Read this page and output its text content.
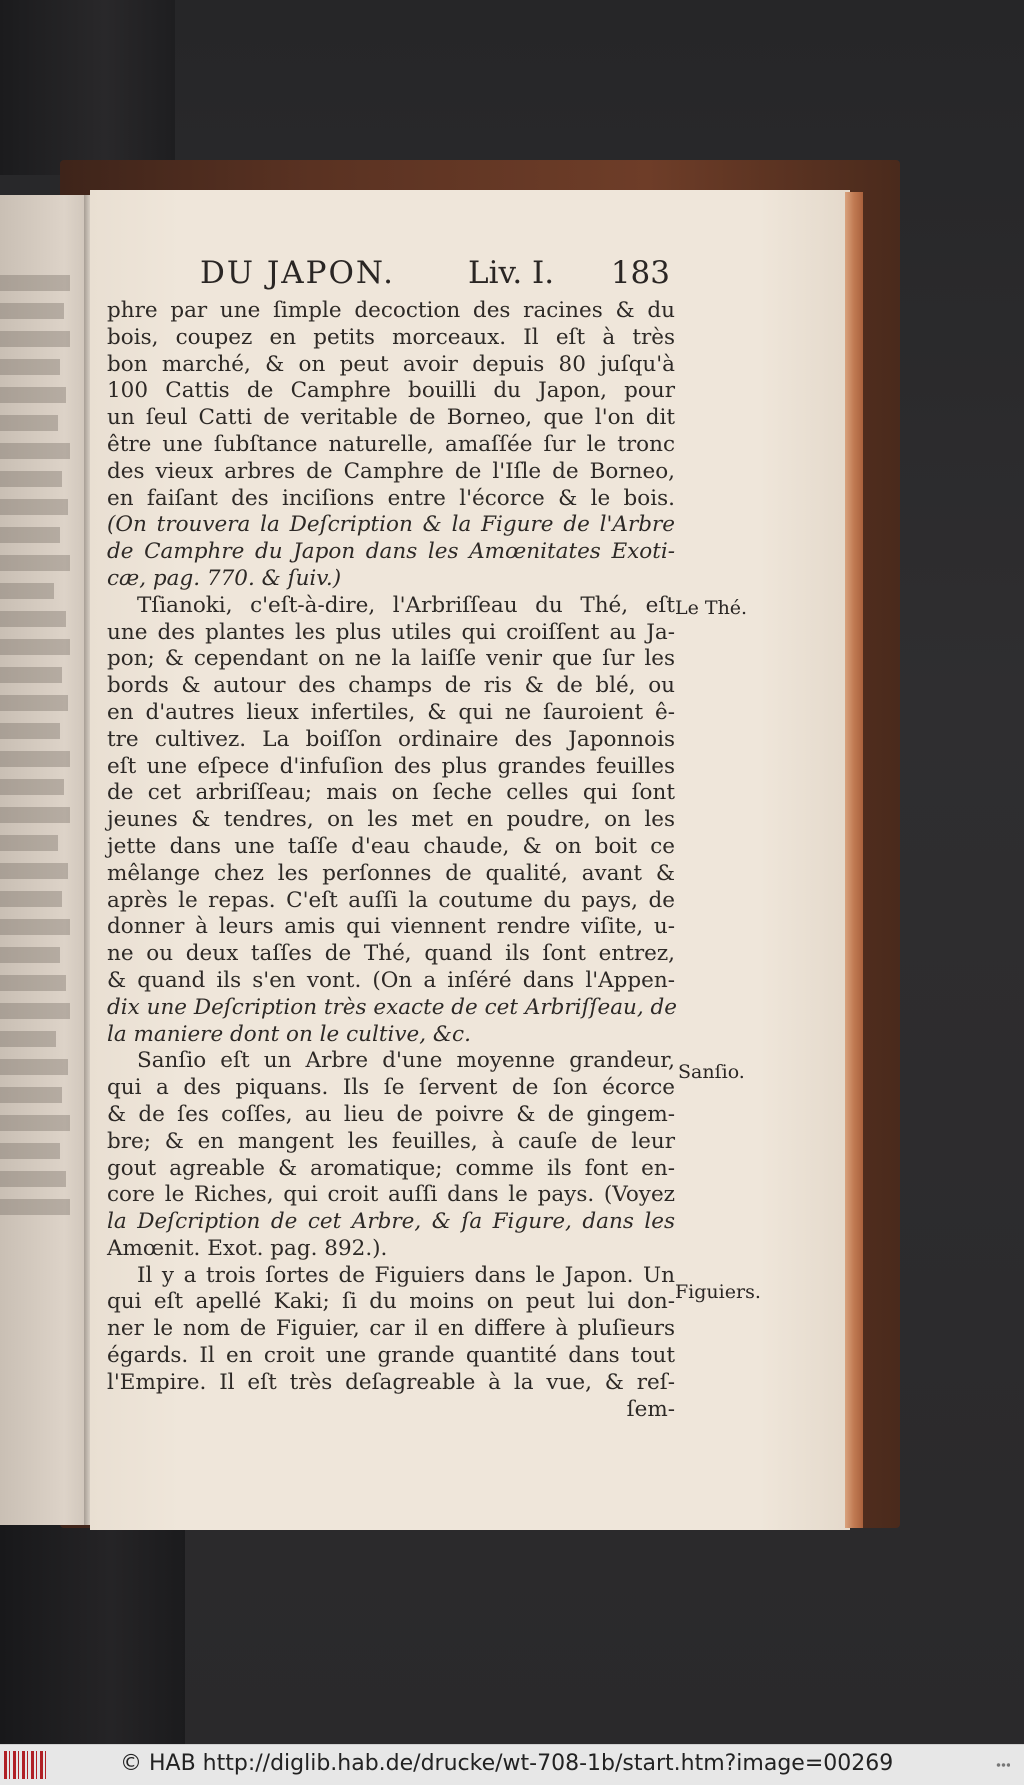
DU JAPON. Liv. I. 183
phre par une ſimple decoction des racines & du
bois, coupez en petits morceaux. Il eſt à très
bon marché, & on peut avoir depuis 80 juſqu'à
100 Cattis de Camphre bouilli du Japon, pour
un ſeul Catti de veritable de Borneo, que l'on dit
être une ſubſtance naturelle, amaſſée ſur le tronc
des vieux arbres de Camphre de l'Iſle de Borneo,
en faiſant des inciſions entre l'écorce & le bois.
(On trouvera la Deſcription & la Figure de l'Arbre
de Camphre du Japon dans les Amœnitates Exoti-
cæ, pag. 770. & ſuiv.)
Tſianoki, c'eſt-à-dire, l'Arbriſſeau du Thé, eſt
une des plantes les plus utiles qui croiſſent au Ja-
pon; & cependant on ne la laiſſe venir que ſur les
bords & autour des champs de ris & de blé, ou
en d'autres lieux infertiles, & qui ne ſauroient ê-
tre cultivez. La boiſſon ordinaire des Japonnois
eſt une eſpece d'infuſion des plus grandes feuilles
de cet arbriſſeau; mais on ſeche celles qui ſont
jeunes & tendres, on les met en poudre, on les
jette dans une taſſe d'eau chaude, & on boit ce
mêlange chez les perſonnes de qualité, avant &
après le repas. C'eſt auſſi la coutume du pays, de
donner à leurs amis qui viennent rendre viſite, u-
ne ou deux taſſes de Thé, quand ils ſont entrez,
& quand ils s'en vont. (On a inſéré dans l'Appen-
dix une Deſcription très exacte de cet Arbriſſeau, de
la maniere dont on le cultive, &c.
Sanſio eſt un Arbre d'une moyenne grandeur,
qui a des piquans. Ils ſe ſervent de ſon écorce
& de ſes coſſes, au lieu de poivre & de gingem-
bre; & en mangent les feuilles, à cauſe de leur
gout agreable & aromatique; comme ils font en-
core le Riches, qui croit auſſi dans le pays. (Voyez
la Deſcription de cet Arbre, & ſa Figure, dans les
Amœnit. Exot. pag. 892.).
Il y a trois ſortes de Figuiers dans le Japon. Un
qui eſt apellé Kaki; ſi du moins on peut lui don-
ner le nom de Figuier, car il en differe à pluſieurs
égards. Il en croit une grande quantité dans tout
l'Empire. Il eſt très deſagreable à la vue, & reſ-
ſem-
Le Thé.
Sanſio.
Figuiers.
© HAB http://diglib.hab.de/drucke/wt-708-1b/start.htm?image=00269
